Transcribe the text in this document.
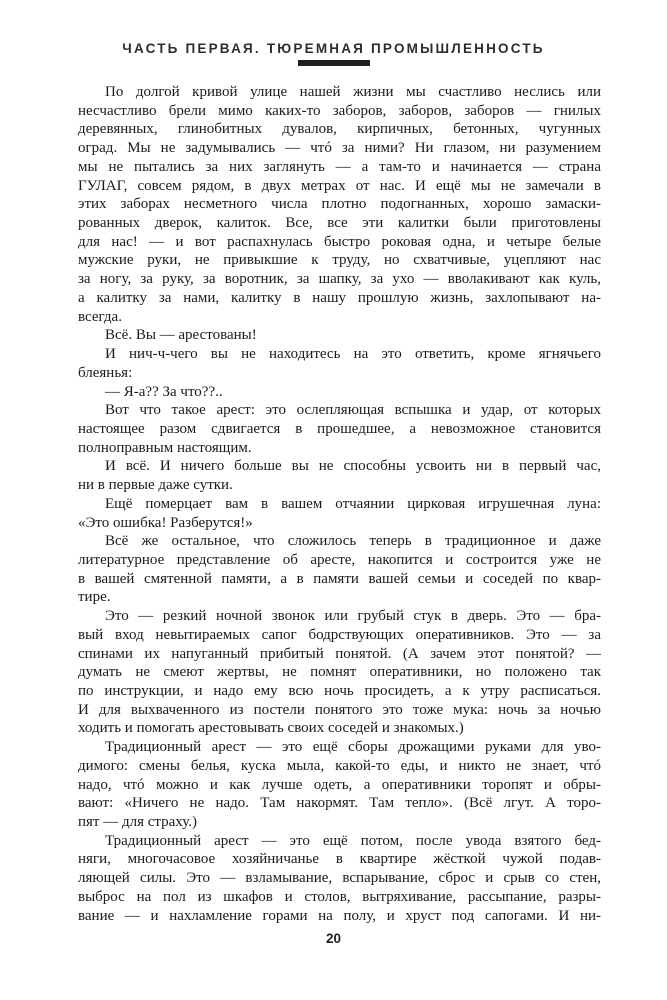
ЧАСТЬ ПЕРВАЯ. ТЮРЕМНАЯ ПРОМЫШЛЕННОСТЬ
По долгой кривой улице нашей жизни мы счастливо неслись или
несчастливо брели мимо каких-то заборов, заборов, заборов — гнилых
деревянных, глинобитных дувалов, кирпичных, бетонных, чугунных
оград. Мы не задумывались — чтó за ними? Ни глазом, ни разумением
мы не пытались за них заглянуть — а там-то и начинается — страна
ГУЛАГ, совсем рядом, в двух метрах от нас. И ещё мы не замечали в
этих заборах несметного числа плотно подогнанных, хорошо замаски-
рованных дверок, калиток. Все, все эти калитки были приготовлены
для нас! — и вот распахнулась быстро роковая одна, и четыре белые
мужские руки, не привыкшие к труду, но схватчивые, уцепляют нас
за ногу, за руку, за воротник, за шапку, за ухо — вволакивают как куль,
а калитку за нами, калитку в нашу прошлую жизнь, захлопывают на-
всегда.
Всё. Вы — арестованы!
И нич-ч-чего вы не находитесь на это ответить, кроме ягнячьего
блеянья:
— Я-а?? За что??..
Вот что такое арест: это ослепляющая вспышка и удар, от которых
настоящее разом сдвигается в прошедшее, а невозможное становится
полноправным настоящим.
И всё. И ничего больше вы не способны усвоить ни в первый час,
ни в первые даже сутки.
Ещё померцает вам в вашем отчаянии цирковая игрушечная луна:
«Это ошибка! Разберутся!»
Всё же остальное, что сложилось теперь в традиционное и даже
литературное представление об аресте, накопится и состроится уже не
в вашей смятенной памяти, а в памяти вашей семьи и соседей по квар-
тире.
Это — резкий ночной звонок или грубый стук в дверь. Это — бра-
вый вход невытираемых сапог бодрствующих оперативников. Это — за
спинами их напуганный прибитый понятой. (А зачем этот понятой? —
думать не смеют жертвы, не помнят оперативники, но положено так
по инструкции, и надо ему всю ночь просидеть, а к утру расписаться.
И для выхваченного из постели понятого это тоже мука: ночь за ночью
ходить и помогать арестовывать своих соседей и знакомых.)
Традиционный арест — это ещё сборы дрожащими руками для уво-
димого: смены белья, куска мыла, какой-то еды, и никто не знает, чтó
надо, чтó можно и как лучше одеть, а оперативники торопят и обры-
вают: «Ничего не надо. Там накормят. Там тепло». (Всё лгут. А торо-
пят — для страху.)
Традиционный арест — это ещё потом, после увода взятого бед-
няги, многочасовое хозяйничанье в квартире жёсткой чужой подав-
ляющей силы. Это — взламывание, вспарывание, сброс и срыв со стен,
выброс на пол из шкафов и столов, вытряхивание, рассыпание, разры-
вание — и нахламление горами на полу, и хруст под сапогами. И ни-
20
